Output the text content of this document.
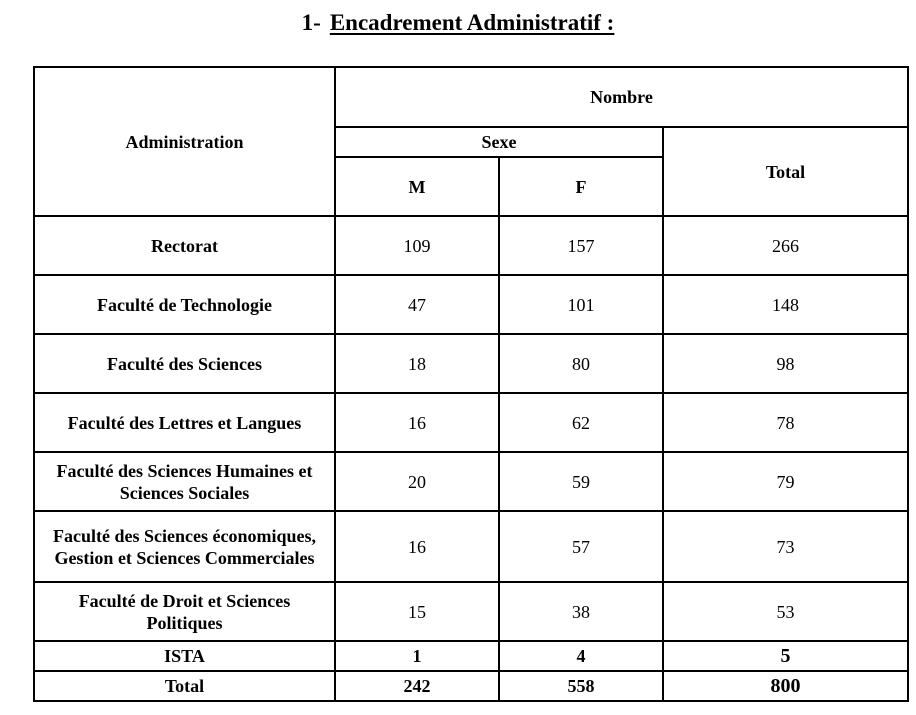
1- Encadrement Administratif :
Administration	Nombre		
	Sexe		Total
	M	F	
Rectorat	109	157	266
Faculté de Technologie	47	101	148
Faculté des Sciences	18	80	98
Faculté des Lettres et Langues	16	62	78
Faculté des Sciences Humaines et Sciences Sociales	20	59	79
Faculté des Sciences économiques, Gestion et Sciences Commerciales	16	57	73
Faculté de Droit et Sciences Politiques	15	38	53
ISTA	1	4	5
Total	242	558	800
